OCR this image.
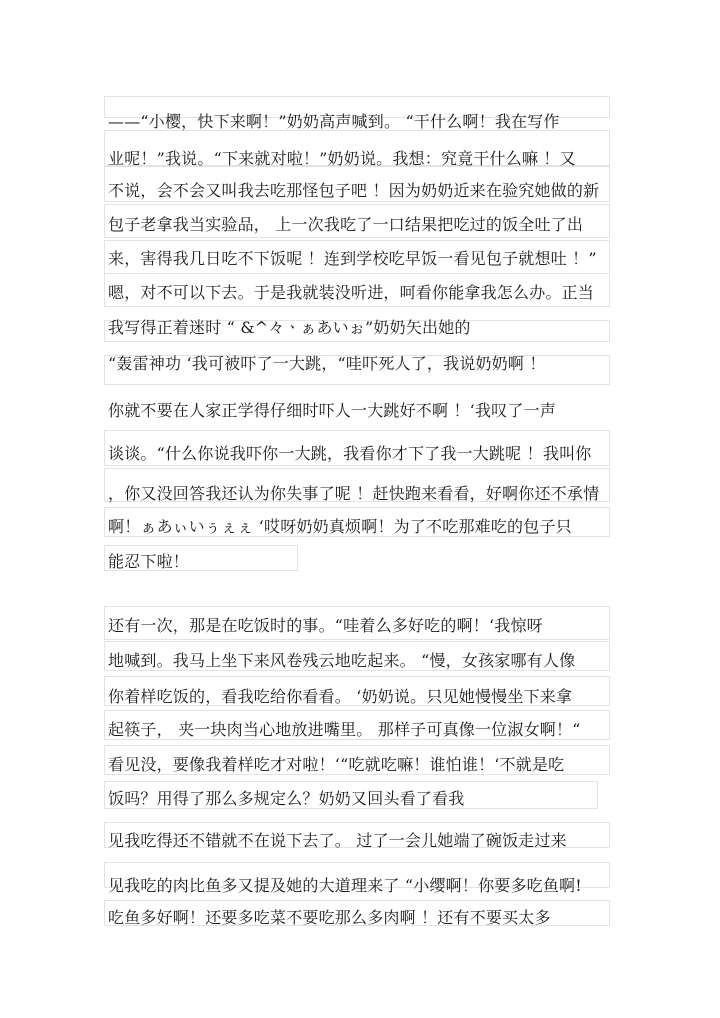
——“小樱，快下来啊！”奶奶高声喊到。 “干什么啊！我在写作
业呢！”我说。“下来就对啦！”奶奶说。我想：究竟干什么嘛 ！又
不说，会不会又叫我去吃那怪包子吧 ！因为奶奶近来在验究她做的新
包子老拿我当实验品， 上一次我吃了一口结果把吃过的饭全吐了出
来，害得我几日吃不下饭呢 ！连到学校吃早饭一看见包子就想吐 ！”
嗯，对不可以下去。于是我就装没听进，呵看你能拿我怎么办。正当
我写得正着迷时 “ &^々ㆍぁあいぉ”奶奶矢出她的
“轰雷神功 ‘我可被吓了一大跳，“哇吓死人了，我说奶奶啊 ！
你就不要在人家正学得仔细时吓人一大跳好不啊 ！‘我叹了一声
谈谈。“什么你说我吓你一大跳，我看你才下了我一大跳呢 ！我叫你
，你又没回答我还认为你失事了呢 ！赶快跑来看看，好啊你还不承情
啊！ぁあぃいぅぇぇ ‘哎呀奶奶真烦啊！为了不吃那难吃的包子只
能忍下啦！
还有一次，那是在吃饭时的事。“哇着么多好吃的啊！‘我惊呀
地喊到。我马上坐下来风卷残云地吃起来。 “慢，女孩家哪有人像
你着样吃饭的，看我吃给你看看。 ‘奶奶说。只见她慢慢坐下来拿
起筷子， 夹一块肉当心地放进嘴里。 那样子可真像一位淑女啊！“
看见没，要像我着样吃才对啦！‘“吃就吃嘛！谁怕谁！‘不就是吃
饭吗？用得了那么多规定么？奶奶又回头看了看我
见我吃得还不错就不在说下去了。 过了一会儿她端了碗饭走过来
见我吃的肉比鱼多又提及她的大道理来了 “小缨啊！你要多吃鱼啊!
吃鱼多好啊！还要多吃菜不要吃那么多肉啊 ！还有不要买太多
